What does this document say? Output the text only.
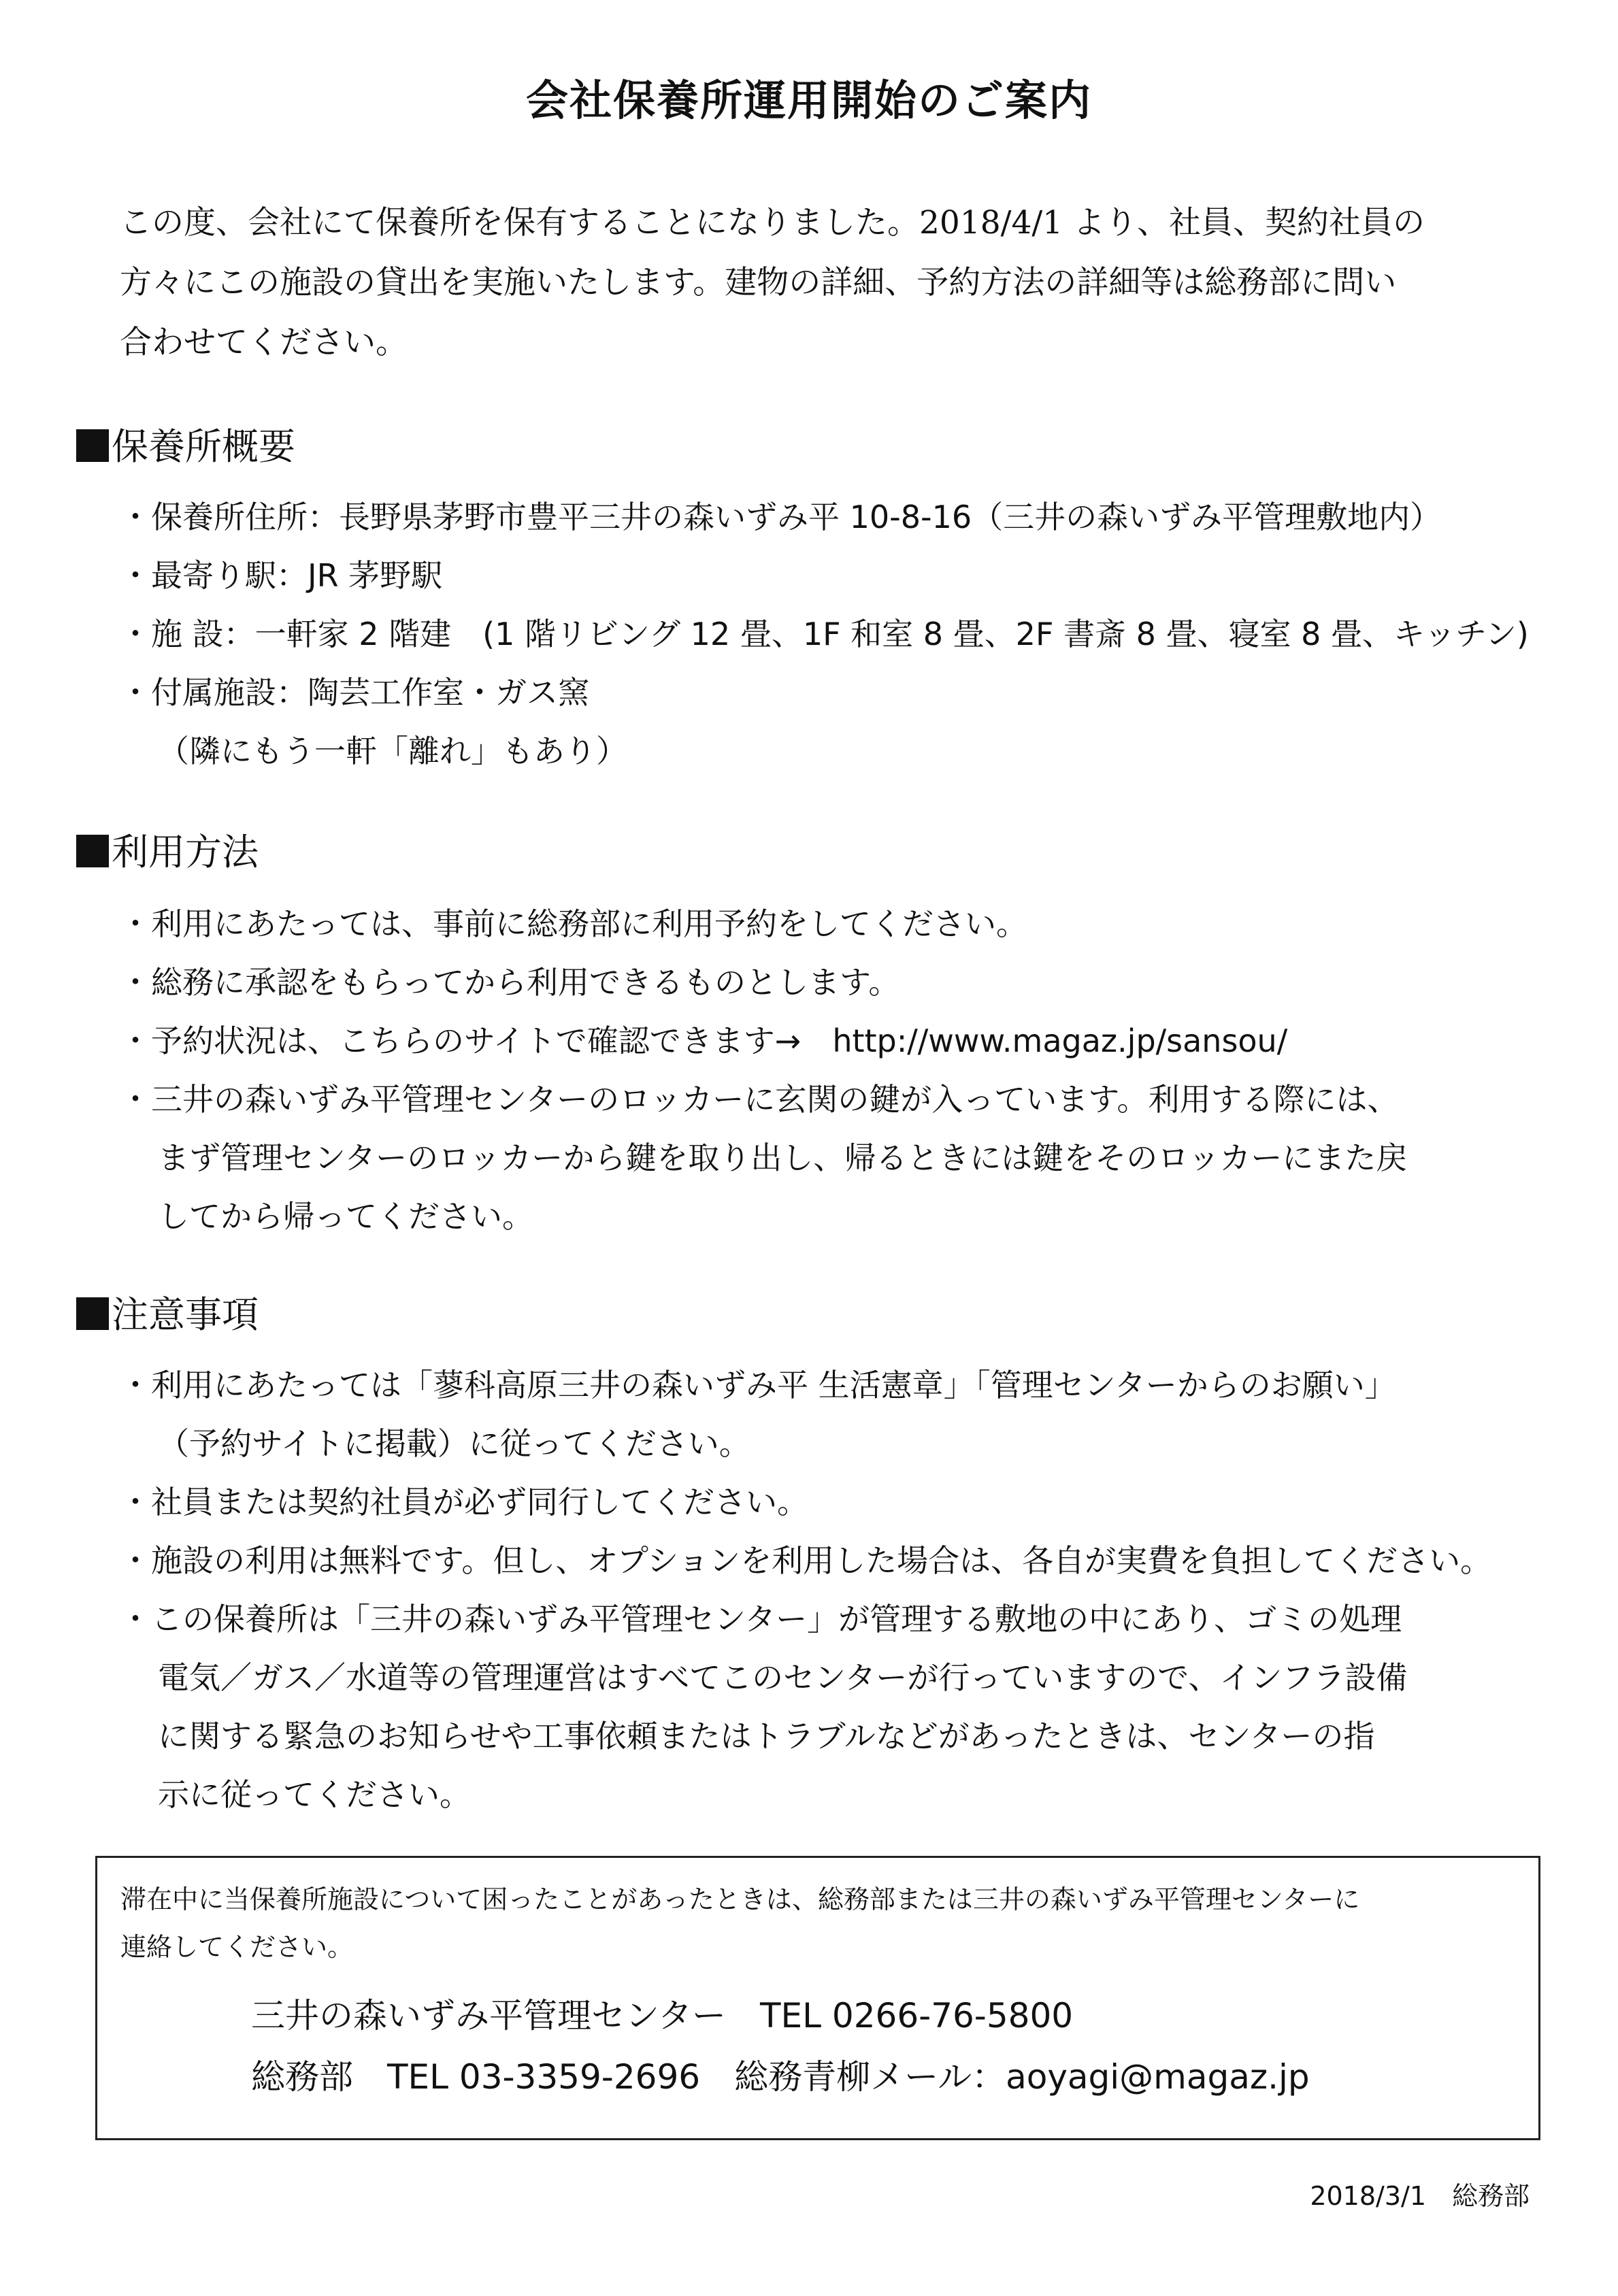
会社保養所運用開始のご案内
この度、会社にて保養所を保有することになりました。2018/4/1 より、社員、契約社員の
方々にこの施設の貸出を実施いたします。建物の詳細、予約方法の詳細等は総務部に問い
合わせてください。
保養所概要
・保養所住所：長野県茅野市豊平三井の森いずみ平 10-8-16（三井の森いずみ平管理敷地内）
・最寄り駅：JR 茅野駅
・施 設：一軒家 2 階建　(1 階リビング 12 畳、1F 和室 8 畳、2F 書斎 8 畳、寝室 8 畳、キッチン)
・付属施設：陶芸工作室・ガス窯
（隣にもう一軒「離れ」もあり）
利用方法
・利用にあたっては、事前に総務部に利用予約をしてください。
・総務に承認をもらってから利用できるものとします。
・予約状況は、こちらのサイトで確認できます→　http://www.magaz.jp/sansou/
・三井の森いずみ平管理センターのロッカーに玄関の鍵が入っています。利用する際には、
まず管理センターのロッカーから鍵を取り出し、帰るときには鍵をそのロッカーにまた戻
してから帰ってください。
注意事項
・利用にあたっては「蓼科高原三井の森いずみ平 生活憲章」「管理センターからのお願い」
（予約サイトに掲載）に従ってください。
・社員または契約社員が必ず同行してください。
・施設の利用は無料です。但し、オプションを利用した場合は、各自が実費を負担してください。
・この保養所は「三井の森いずみ平管理センター」が管理する敷地の中にあり、ゴミの処理
電気／ガス／水道等の管理運営はすべてこのセンターが行っていますので、インフラ設備
に関する緊急のお知らせや工事依頼またはトラブルなどがあったときは、センターの指
示に従ってください。
滞在中に当保養所施設について困ったことがあったときは、総務部または三井の森いずみ平管理センターに
連絡してください。
三井の森いずみ平管理センター　TEL 0266-76-5800
総務部　TEL 03-3359-2696　総務青柳メール：aoyagi@magaz.jp
2018/3/1　総務部
